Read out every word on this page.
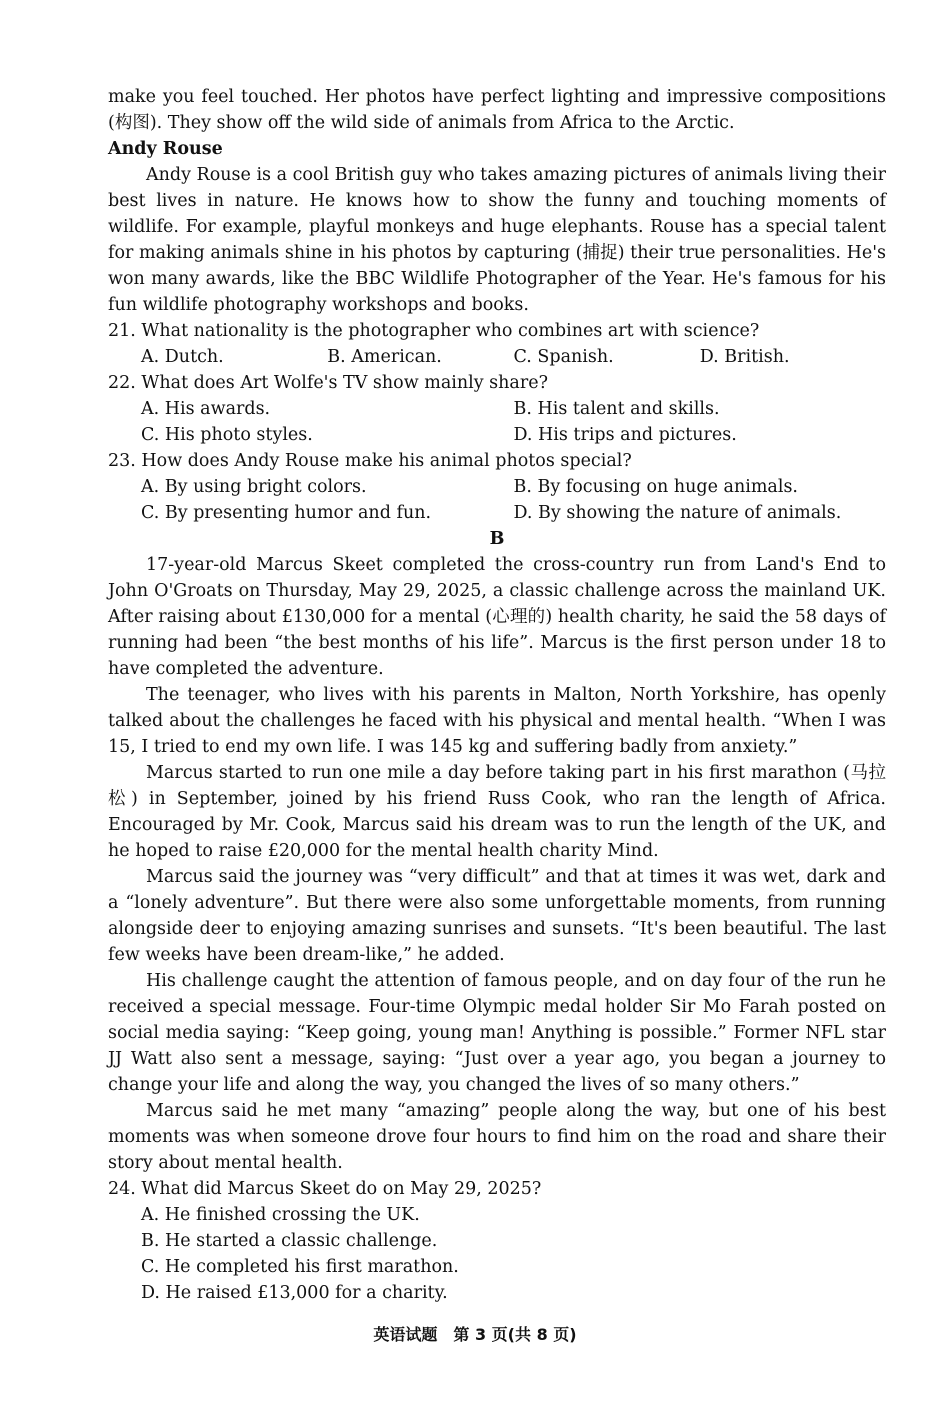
make you feel touched. Her photos have perfect lighting and impressive compositions (构图). They show off the wild side of animals from Africa to the Arctic.

Andy Rouse

Andy Rouse is a cool British guy who takes amazing pictures of animals living their best lives in nature. He knows how to show the funny and touching moments of wildlife. For example, playful monkeys and huge elephants. Rouse has a special talent for making animals shine in his photos by capturing (捕捉) their true personalities. He's won many awards, like the BBC Wildlife Photographer of the Year. He's famous for his fun wildlife photography workshops and books.

21. What nationality is the photographer who combines art with science?

A. Dutch.	B. American.	C. Spanish.	D. British.

22. What does Art Wolfe's TV show mainly share?

A. His awards.	B. His talent and skills.
C. His photo styles.	D. His trips and pictures.

23. How does Andy Rouse make his animal photos special?

A. By using bright colors.	B. By focusing on huge animals.
C. By presenting humor and fun.	D. By showing the nature of animals.

B

17-year-old Marcus Skeet completed the cross-country run from Land's End to John O'Groats on Thursday, May 29, 2025, a classic challenge across the mainland UK. After raising about £130,000 for a mental (心理的) health charity, he said the 58 days of running had been “the best months of his life”. Marcus is the first person under 18 to have completed the adventure.

The teenager, who lives with his parents in Malton, North Yorkshire, has openly talked about the challenges he faced with his physical and mental health. “When I was 15, I tried to end my own life. I was 145 kg and suffering badly from anxiety.”

Marcus started to run one mile a day before taking part in his first marathon (马拉松) in September, joined by his friend Russ Cook, who ran the length of Africa. Encouraged by Mr. Cook, Marcus said his dream was to run the length of the UK, and he hoped to raise £20,000 for the mental health charity Mind.

Marcus said the journey was “very difficult” and that at times it was wet, dark and a “lonely adventure”. But there were also some unforgettable moments, from running alongside deer to enjoying amazing sunrises and sunsets. “It's been beautiful. The last few weeks have been dream-like,” he added.

His challenge caught the attention of famous people, and on day four of the run he received a special message. Four-time Olympic medal holder Sir Mo Farah posted on social media saying: “Keep going, young man! Anything is possible.” Former NFL star JJ Watt also sent a message, saying: “Just over a year ago, you began a journey to change your life and along the way, you changed the lives of so many others.”

Marcus said he met many “amazing” people along the way, but one of his best moments was when someone drove four hours to find him on the road and share their story about mental health.

24. What did Marcus Skeet do on May 29, 2025?

A. He finished crossing the UK.
B. He started a classic challenge.
C. He completed his first marathon.
D. He raised £13,000 for a charity.
英语试题　第 3 页(共 8 页)
